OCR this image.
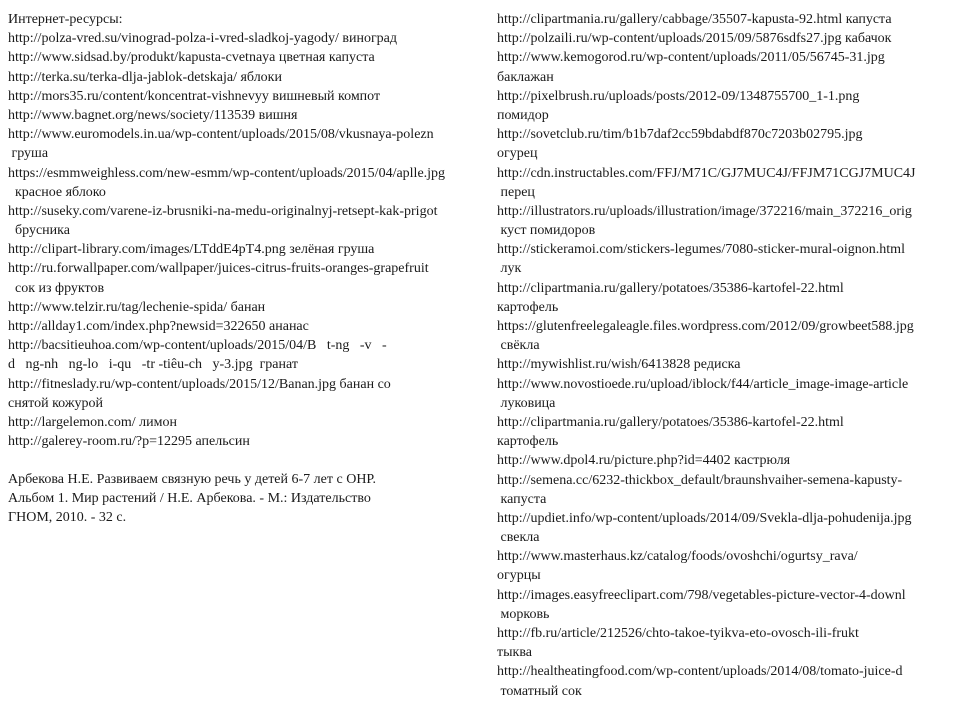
Интернет-ресурсы:
http://polza-vred.su/vinograd-polza-i-vred-sladkoj-yagody/ виноград
http://www.sidsad.by/produkt/kapusta-cvetnaya цветная капуста
http://terka.su/terka-dlja-jablok-detskaja/ яблоки
http://mors35.ru/content/koncentrat-vishnevyy вишневый компот
http://www.bagnet.org/news/society/113539 вишня
http://www.euromodels.in.ua/wp-content/uploads/2015/08/vkusnaya-polezn
груша
https://esmmweighless.com/new-esmm/wp-content/uploads/2015/04/aplle.jpg
красное яблоко
http://suseky.com/varene-iz-brusniki-na-medu-originalnyj-retsept-kak-prigot
брусника
http://clipart-library.com/images/LTddE4pT4.png зелёная груша
http://ru.forwallpaper.com/wallpaper/juices-citrus-fruits-oranges-grapefruit
сок из фруктов
http://www.telzir.ru/tag/lechenie-spida/ банан
http://allday1.com/index.php?newsid=322650 ананас
http://bacsitieuhoa.com/wp-content/uploads/2015/04/B   t-ng   -v   -
d   ng-nh   ng-lo   i-qu   -tr -tiêu-ch   y-3.jpg  гранат
http://fitneslady.ru/wp-content/uploads/2015/12/Banan.jpg банан со
снятой кожурой
http://largelemon.com/ лимон
http://galerey-room.ru/?p=12295 апельсин
Арбекова Н.Е. Развиваем связную речь у детей 6-7 лет с ОНР.
Альбом 1. Мир растений / Н.Е. Арбекова. - М.: Издательство
ГНОМ, 2010. - 32 с.
http://clipartmania.ru/gallery/cabbage/35507-kapusta-92.html капуста
http://polzaili.ru/wp-content/uploads/2015/09/5876sdfs27.jpg кабачок
http://www.kemogorod.ru/wp-content/uploads/2011/05/56745-31.jpg
баклажан
http://pixelbrush.ru/uploads/posts/2012-09/1348755700_1-1.png
помидор
http://sovetclub.ru/tim/b1b7daf2cc59bdabdf870c7203b02795.jpg
огурец
http://cdn.instructables.com/FFJ/M71C/GJ7MUC4J/FFJM71CGJ7MUC4J
перец
http://illustrators.ru/uploads/illustration/image/372216/main_372216_orig
куст помидоров
http://stickeramoi.com/stickers-legumes/7080-sticker-mural-oignon.html
лук
http://clipartmania.ru/gallery/potatoes/35386-kartofel-22.html
картофель
https://glutenfreelegaleagle.files.wordpress.com/2012/09/growbeet588.jpg
свёкла
http://mywishlist.ru/wish/6413828 редиска
http://www.novostioede.ru/upload/iblock/f44/article_image-image-article
луковица
http://clipartmania.ru/gallery/potatoes/35386-kartofel-22.html
картофель
http://www.dpol4.ru/picture.php?id=4402 кастрюля
http://semena.cc/6232-thickbox_default/braunshvaiher-semena-kapusty-
капуста
http://updiet.info/wp-content/uploads/2014/09/Svekla-dlja-pohudenija.jpg
свекла
http://www.masterhaus.kz/catalog/foods/ovoshchi/ogurtsy_rava/
огурцы
http://images.easyfreeclipart.com/798/vegetables-picture-vector-4-downl
морковь
http://fb.ru/article/212526/chto-takoe-tyikva-eto-ovosch-ili-frukt
тыква
http://healtheatingfood.com/wp-content/uploads/2014/08/tomato-juice-d
томатный сок
